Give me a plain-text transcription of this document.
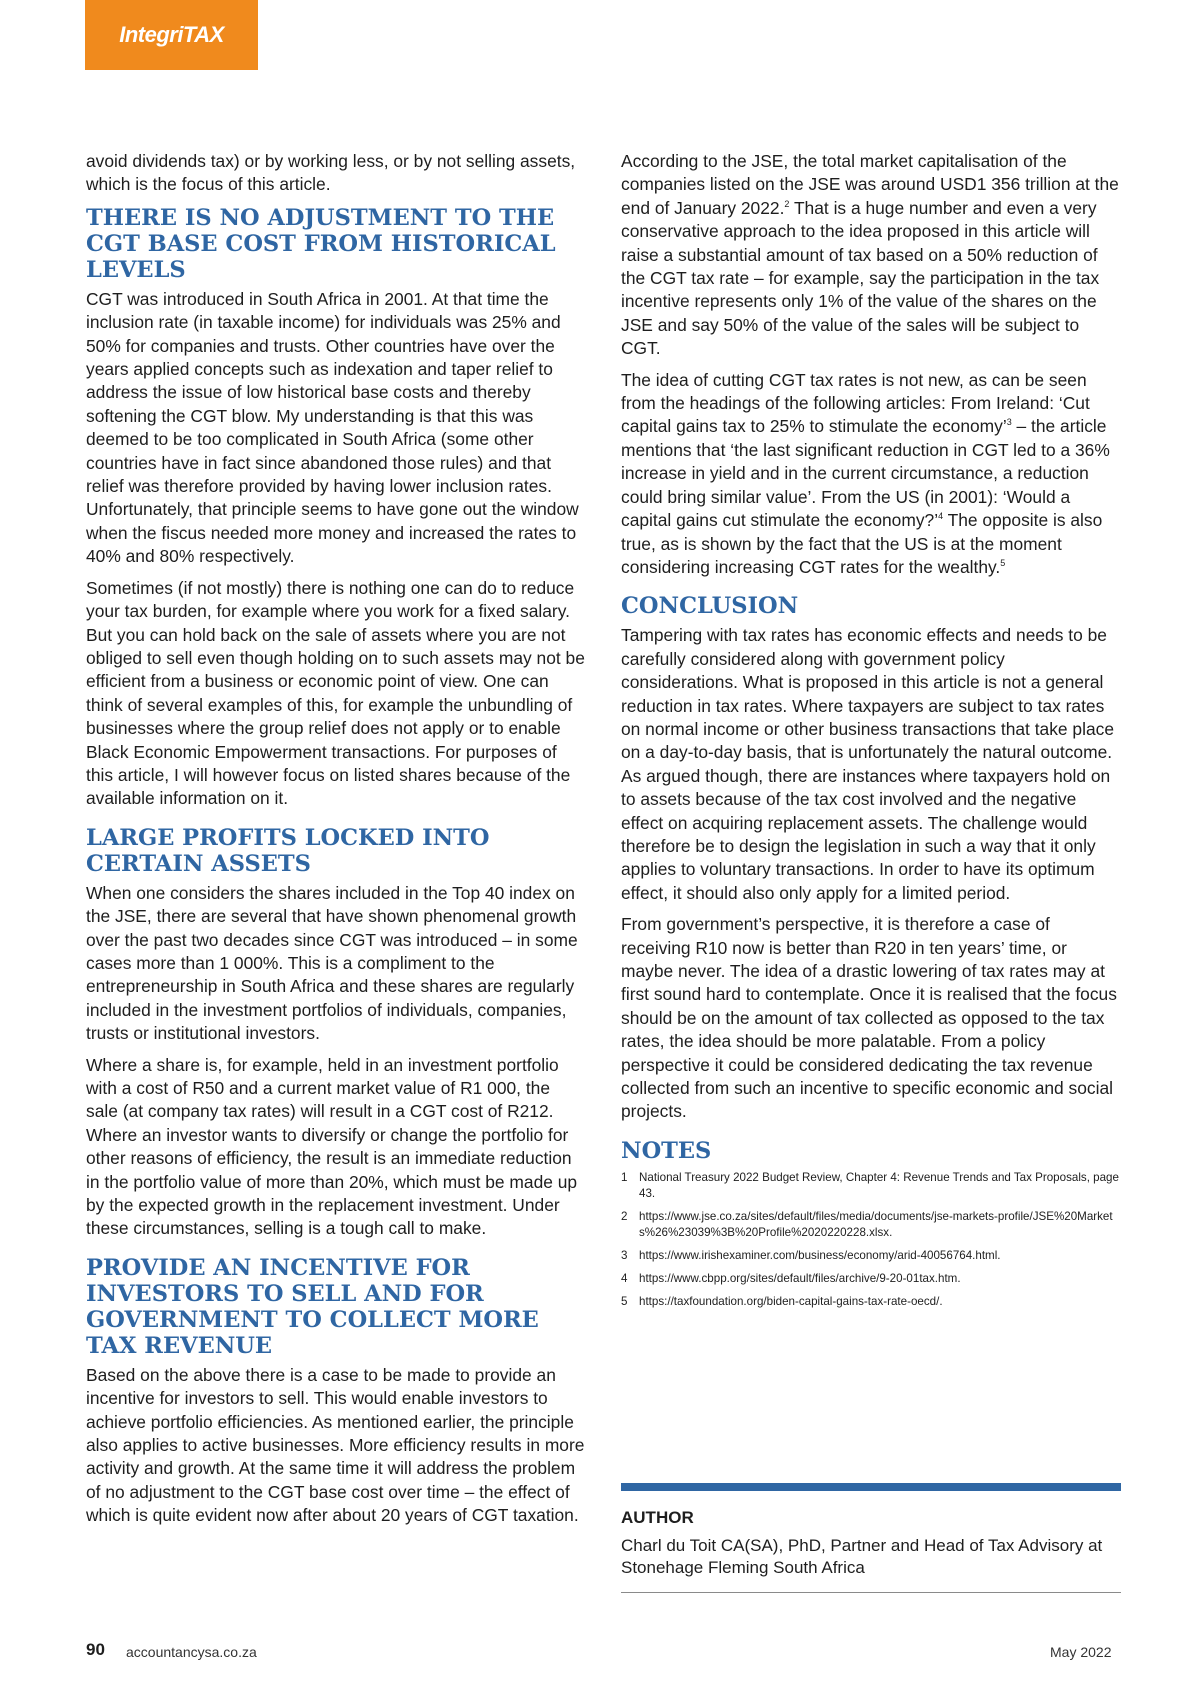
IntegriTAX

avoid dividends tax) or by working less, or by not selling assets, which is the focus of this article.

THERE IS NO ADJUSTMENT TO THE CGT BASE COST FROM HISTORICAL LEVELS

CGT was introduced in South Africa in 2001. At that time the inclusion rate (in taxable income) for individuals was 25% and 50% for companies and trusts. Other countries have over the years applied concepts such as indexation and taper relief to address the issue of low historical base costs and thereby softening the CGT blow. My understanding is that this was deemed to be too complicated in South Africa (some other countries have in fact since abandoned those rules) and that relief was therefore provided by having lower inclusion rates. Unfortunately, that principle seems to have gone out the window when the fiscus needed more money and increased the rates to 40% and 80% respectively.

Sometimes (if not mostly) there is nothing one can do to reduce your tax burden, for example where you work for a fixed salary. But you can hold back on the sale of assets where you are not obliged to sell even though holding on to such assets may not be efficient from a business or economic point of view. One can think of several examples of this, for example the unbundling of businesses where the group relief does not apply or to enable Black Economic Empowerment transactions. For purposes of this article, I will however focus on listed shares because of the available information on it.

LARGE PROFITS LOCKED INTO CERTAIN ASSETS

When one considers the shares included in the Top 40 index on the JSE, there are several that have shown phenomenal growth over the past two decades since CGT was introduced – in some cases more than 1 000%. This is a compliment to the entrepreneurship in South Africa and these shares are regularly included in the investment portfolios of individuals, companies, trusts or institutional investors.

Where a share is, for example, held in an investment portfolio with a cost of R50 and a current market value of R1 000, the sale (at company tax rates) will result in a CGT cost of R212. Where an investor wants to diversify or change the portfolio for other reasons of efficiency, the result is an immediate reduction in the portfolio value of more than 20%, which must be made up by the expected growth in the replacement investment. Under these circumstances, selling is a tough call to make.

PROVIDE AN INCENTIVE FOR INVESTORS TO SELL AND FOR GOVERNMENT TO COLLECT MORE TAX REVENUE

Based on the above there is a case to be made to provide an incentive for investors to sell. This would enable investors to achieve portfolio efficiencies. As mentioned earlier, the principle also applies to active businesses. More efficiency results in more activity and growth. At the same time it will address the problem of no adjustment to the CGT base cost over time – the effect of which is quite evident now after about 20 years of CGT taxation.

According to the JSE, the total market capitalisation of the companies listed on the JSE was around USD1 356 trillion at the end of January 2022.$^2$ That is a huge number and even a very conservative approach to the idea proposed in this article will raise a substantial amount of tax based on a 50% reduction of the CGT tax rate – for example, say the participation in the tax incentive represents only 1% of the value of the shares on the JSE and say 50% of the value of the sales will be subject to CGT.

The idea of cutting CGT tax rates is not new, as can be seen from the headings of the following articles: From Ireland: ‘Cut capital gains tax to 25% to stimulate the economy’$^3$ – the article mentions that ‘the last significant reduction in CGT led to a 36% increase in yield and in the current circumstance, a reduction could bring similar value’. From the US (in 2001): ‘Would a capital gains cut stimulate the economy?’$^4$ The opposite is also true, as is shown by the fact that the US is at the moment considering increasing CGT rates for the wealthy.$^5$

CONCLUSION

Tampering with tax rates has economic effects and needs to be carefully considered along with government policy considerations. What is proposed in this article is not a general reduction in tax rates. Where taxpayers are subject to tax rates on normal income or other business transactions that take place on a day-to-day basis, that is unfortunately the natural outcome. As argued though, there are instances where taxpayers hold on to assets because of the tax cost involved and the negative effect on acquiring replacement assets. The challenge would therefore be to design the legislation in such a way that it only applies to voluntary transactions. In order to have its optimum effect, it should also only apply for a limited period.

From government’s perspective, it is therefore a case of receiving R10 now is better than R20 in ten years’ time, or maybe never. The idea of a drastic lowering of tax rates may at first sound hard to contemplate. Once it is realised that the focus should be on the amount of tax collected as opposed to the tax rates, the idea should be more palatable. From a policy perspective it could be considered dedicating the tax revenue collected from such an incentive to specific economic and social projects.

NOTES
1 National Treasury 2022 Budget Review, Chapter 4: Revenue Trends and Tax Proposals, page 43.
2 https://www.jse.co.za/sites/default/files/media/documents/jse-markets-profile/JSE%20Markets%26%23039%3B%20Profile%2020220228.xlsx.
3 https://www.irishexaminer.com/business/economy/arid-40056764.html.
4 https://www.cbpp.org/sites/default/files/archive/9-20-01tax.htm.
5 https://taxfoundation.org/biden-capital-gains-tax-rate-oecd/.
AUTHOR
Charl du Toit CA(SA), PhD, Partner and Head of Tax Advisory at Stonehage Fleming South Africa
90 accountancysa.co.za	May 2022
